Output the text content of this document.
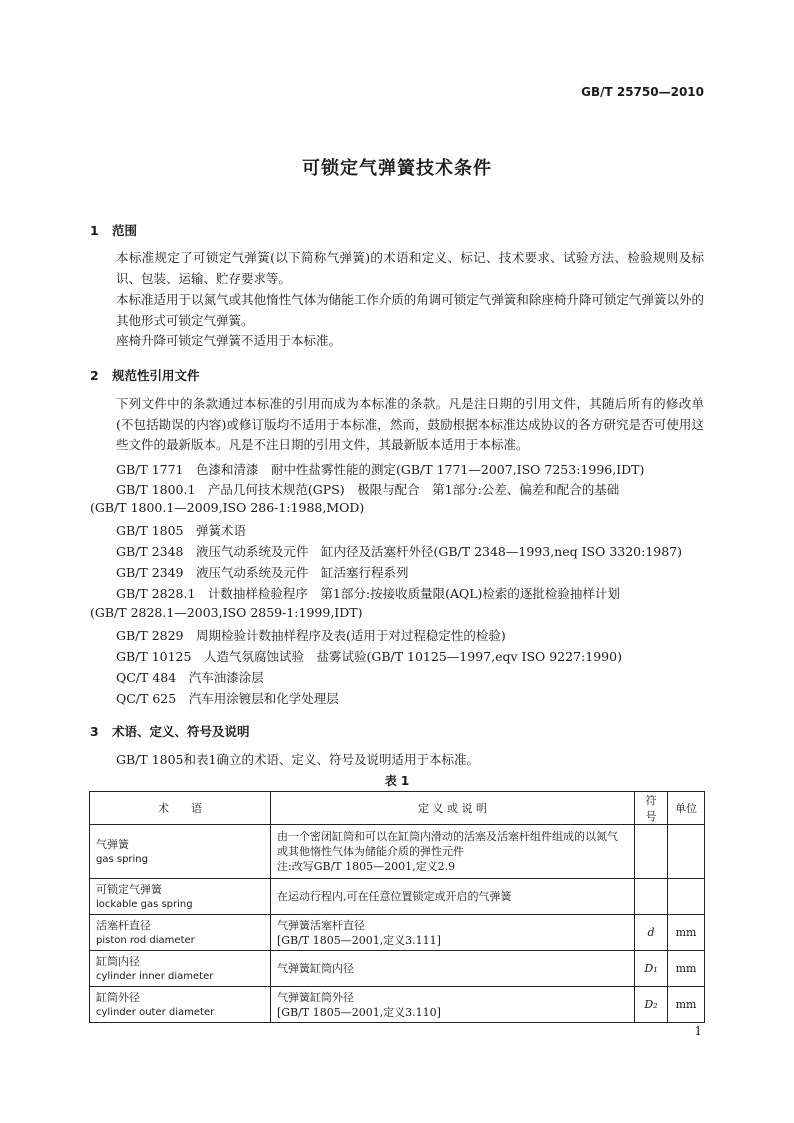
GB/T 25750—2010
可锁定气弹簧技术条件
1 范围
本标准规定了可锁定气弹簧(以下简称气弹簧)的术语和定义、标记、技术要求、试验方法、检验规则及标识、包装、运输、贮存要求等。
本标准适用于以氮气或其他惰性气体为储能工作介质的角调可锁定气弹簧和除座椅升降可锁定气弹簧以外的其他形式可锁定气弹簧。
座椅升降可锁定气弹簧不适用于本标准。
2 规范性引用文件
下列文件中的条款通过本标准的引用而成为本标准的条款。凡是注日期的引用文件，其随后所有的修改单(不包括勘误的内容)或修订版均不适用于本标准，然而，鼓励根据本标准达成协议的各方研究是否可使用这些文件的最新版本。凡是不注日期的引用文件，其最新版本适用于本标准。
GB/T 1771　色漆和清漆　耐中性盐雾性能的测定(GB/T 1771—2007,ISO 7253:1996,IDT)
GB/T 1800.1　产品几何技术规范(GPS)　极限与配合　第1部分:公差、偏差和配合的基础
(GB/T 1800.1—2009,ISO 286-1:1988,MOD)
GB/T 1805　弹簧术语
GB/T 2348　液压气动系统及元件　缸内径及活塞杆外径(GB/T 2348—1993,neq ISO 3320:1987)
GB/T 2349　液压气动系统及元件　缸活塞行程系列
GB/T 2828.1　计数抽样检验程序　第1部分:按接收质量限(AQL)检索的逐批检验抽样计划
(GB/T 2828.1—2003,ISO 2859-1:1999,IDT)
GB/T 2829　周期检验计数抽样程序及表(适用于对过程稳定性的检验)
GB/T 10125　人造气氛腐蚀试验　盐雾试验(GB/T 10125—1997,eqv ISO 9227:1990)
QC/T 484　汽车油漆涂层
QC/T 625　汽车用涂镀层和化学处理层
3 术语、定义、符号及说明
GB/T 1805和表1确立的术语、定义、符号及说明适用于本标准。
表 1
术　　语	定 义 或 说 明	符号	单位

气弹簧
gas spring	由一个密闭缸筒和可以在缸筒内滑动的活塞及活塞杆组件组成的以氮气或其他惰性气体为储能介质的弹性元件
注:改写GB/T 1805—2001,定义2.9		

可锁定气弹簧
lockable gas spring	在运动行程内,可在任意位置锁定或开启的气弹簧		

活塞杆直径
piston rod diameter	气弹簧活塞杆直径
[GB/T 1805—2001,定义3.111]	d	mm

缸筒内径
cylinder inner diameter	气弹簧缸筒内径	D₁	mm

缸筒外径
cylinder outer diameter	气弹簧缸筒外径
[GB/T 1805—2001,定义3.110]	D₂	mm
1
